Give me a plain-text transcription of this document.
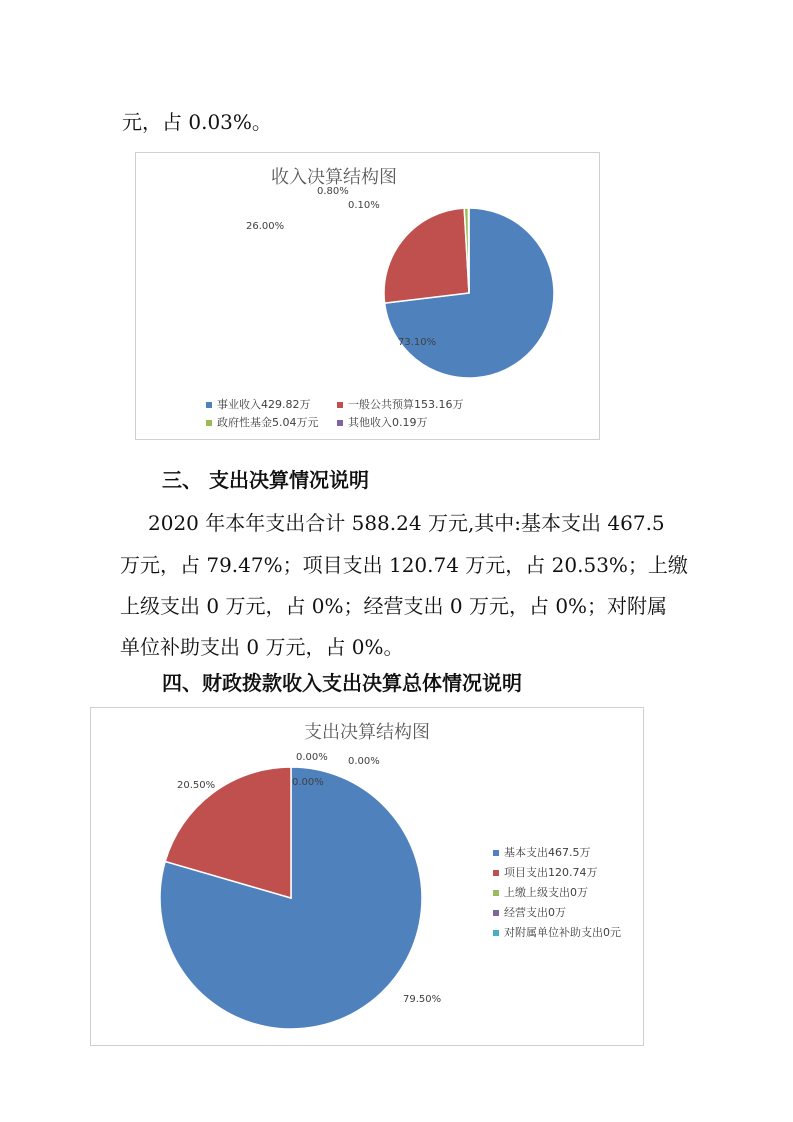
元，占 0.03%。
收入决算结构图
73.10%
26.00%
0.80%
0.10%
事业收入429.82万	一般公共预算153.16万
政府性基金5.04万元	其他收入0.19万
三、 支出决算情况说明
2020 年本年支出合计 588.24 万元,其中:基本支出 467.5
万元，占 79.47%；项目支出 120.74 万元，占 20.53%；上缴
上级支出 0 万元，占 0%；经营支出 0 万元，占 0%；对附属
单位补助支出 0 万元，占 0%。
四、财政拨款收入支出决算总体情况说明
支出决算结构图
79.50%
20.50%
0.00% 0.00%
0.00%
基本支出467.5万
项目支出120.74万
上缴上级支出0万
经营支出0万
对附属单位补助支出0元
